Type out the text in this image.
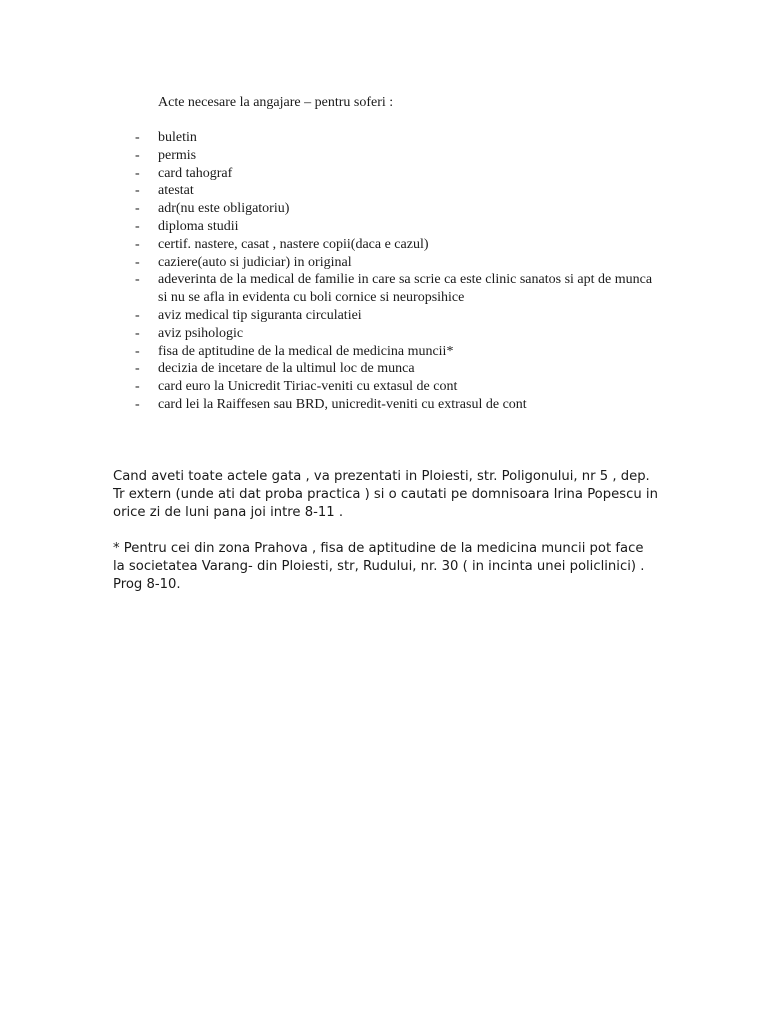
Acte necesare la angajare – pentru soferi :
- buletin
- permis
- card tahograf
- atestat
- adr(nu este obligatoriu)
- diploma studii
- certif. nastere, casat , nastere copii(daca e cazul)
- caziere(auto si judiciar) in original
- adeverinta de la medical de familie in care sa scrie ca este clinic sanatos si apt de munca si nu se afla in evidenta cu boli cornice si neuropsihice
- aviz medical tip siguranta circulatiei
- aviz psihologic
- fisa de aptitudine de la medical de medicina muncii*
- decizia de incetare de la ultimul loc de munca
- card euro la Unicredit Tiriac-veniti cu extasul de cont
- card lei la Raiffesen sau BRD, unicredit-veniti cu extrasul de cont

Cand aveti toate actele gata , va prezentati in Ploiesti, str. Poligonului, nr 5 , dep. Tr extern (unde ati dat proba practica ) si o cautati pe domnisoara Irina Popescu in orice zi de luni pana joi intre 8-11 .

* Pentru cei din zona Prahova , fisa de aptitudine de la medicina muncii pot face la societatea Varang- din Ploiesti, str, Rudului, nr. 30 ( in incinta unei policlinici) . Prog 8-10.
